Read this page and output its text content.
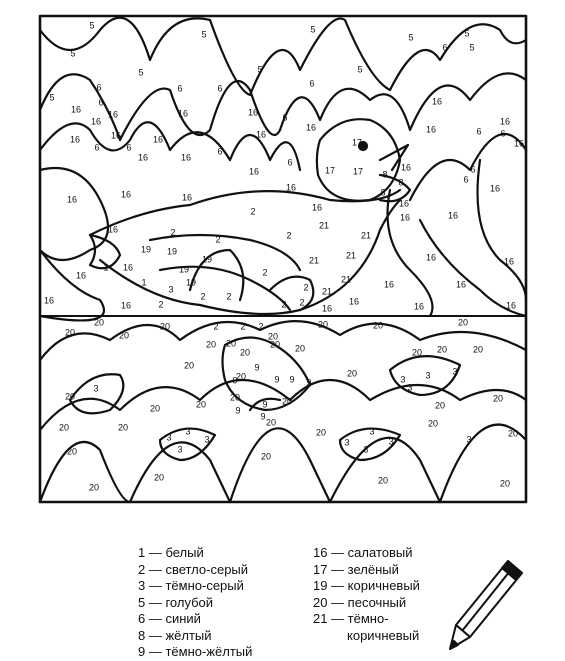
5
5	5
5	5
5
6
5	5	5
6
5
5
16
6
6
6
16
6
16	6
16
16
16
16	6
16
6
16
16
16
16
6
16
6
16
16
6
16
16
6
16
17
17 17 8
8
8
16	6
6
16
16	16	16
2	16	16
16	16
16	2
2	2
21
21
16	16
19 19
19	21	21
1
16
16	19	2
21
1
3
19
2 2
2 21
16	16
16	16	2	2 2
16
16	16	16
20
20	20
20	2 2 2	20	20	20
20
20
20 20	20 20	20
20
20
20
20
3
20
9
9	9 9 9	3 3 3
3
20	20
9 20	20
9
9
20
20	20
20	20	20
20
20
20
3
3
3
3
3
3
3
3
3
20	20
20	20
20	20
1 — белый
2 — светло-серый
3 — тёмно-серый
5 — голубой
6 — синий
8 — жёлтый
9 — тёмно-жёлтый
16 — салатовый
17 — зелёный
19 — коричневый
20 — песочный
21 — тёмно-
коричневый
